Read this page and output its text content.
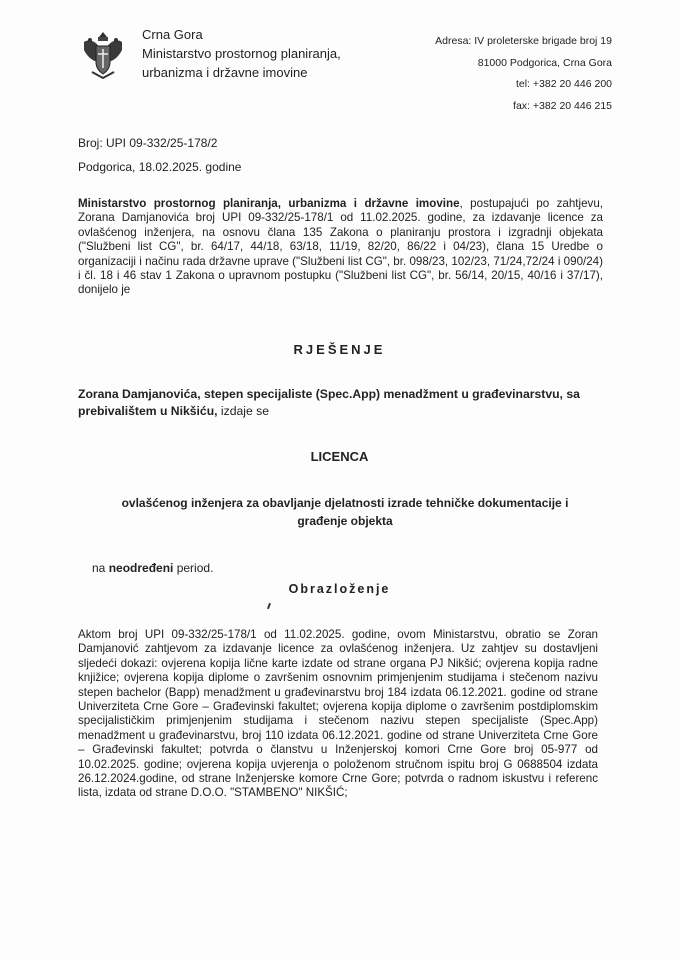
Crna Gora
Ministarstvo prostornog planiranja,
urbanizma i državne imovine
Adresa: IV proleterske brigade broj 19
81000 Podgorica, Crna Gora
tel: +382 20 446 200
fax: +382 20 446 215
Broj: UPI 09-332/25-178/2
Podgorica, 18.02.2025. godine
Ministarstvo prostornog planiranja, urbanizma i državne imovine, postupajući po zahtjevu, Zorana Damjanovića broj UPI 09-332/25-178/1 od 11.02.2025. godine, za izdavanje licence za ovlašćenog inženjera, na osnovu člana 135 Zakona o planiranju prostora i izgradnji objekata ("Službeni list CG", br. 64/17, 44/18, 63/18, 11/19, 82/20, 86/22 i 04/23), člana 15 Uredbe o organizaciji i načinu rada državne uprave ("Službeni list CG", br. 098/23, 102/23, 71/24,72/24 i 090/24) i čl. 18 i 46 stav 1 Zakona o upravnom postupku ("Službeni list CG", br. 56/14, 20/15, 40/16 i 37/17), donijelo je
RJEŠENJE
Zorana Damjanovića, stepen specijaliste (Spec.App) menadžment u građevinarstvu, sa prebivalištem u Nikšiću, izdaje se
LICENCA
ovlašćenog inženjera za obavljanje djelatnosti izrade tehničke dokumentacije i građenje objekta
na neodređeni period.
Obrazloženje
Aktom broj UPI 09-332/25-178/1 od 11.02.2025. godine, ovom Ministarstvu, obratio se Zoran Damjanović zahtjevom za izdavanje licence za ovlašćenog inženjera. Uz zahtjev su dostavljeni sljedeći dokazi: ovjerena kopija lične karte izdate od strane organa PJ Nikšić; ovjerena kopija radne knjižice; ovjerena kopija diplome o završenim osnovnim primjenjenim studijama i stečenom nazivu stepen bachelor (Bapp) menadžment u građevinarstvu broj 184 izdata 06.12.2021. godine od strane Univerziteta Crne Gore – Građevinski fakultet; ovjerena kopija diplome o završenim postdiplomskim specijalističkim primjenjenim studijama i stečenom nazivu stepen specijaliste (Spec.App) menadžment u građevinarstvu, broj 110 izdata 06.12.2021. godine od strane Univerziteta Crne Gore – Građevinski fakultet; potvrda o članstvu u Inženjerskoj komori Crne Gore broj 05-977 od 10.02.2025. godine; ovjerena kopija uvjerenja o položenom stručnom ispitu broj G 0688504 izdata 26.12.2024.godine, od strane Inženjerske komore Crne Gore; potvrda o radnom iskustvu i referenc lista, izdata od strane D.O.O. "STAMBENO" NIKŠIĆ;
